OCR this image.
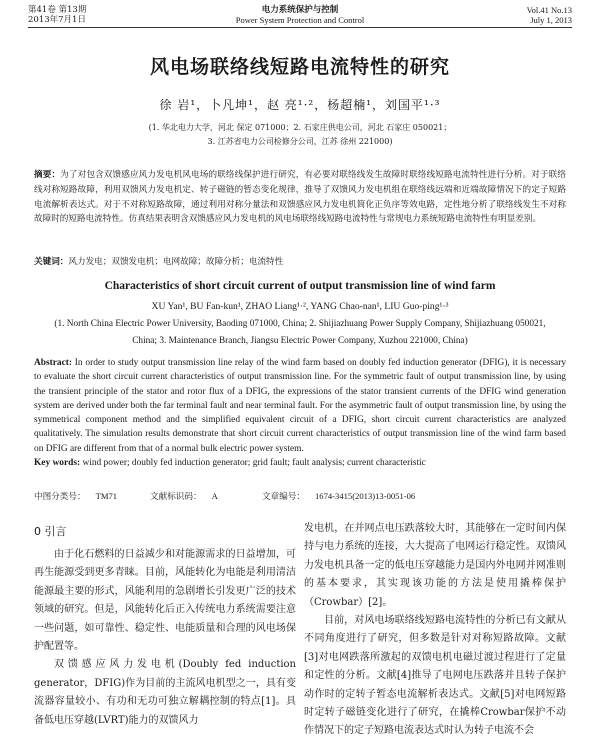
第41卷 第13期
2013年7月1日
电力系统保护与控制
Power System Protection and Control
Vol.41 No.13
July 1, 2013
风电场联络线短路电流特性的研究
徐 岩¹，卜凡坤¹，赵 亮¹·²，杨超楠¹，刘国平¹·³
(1. 华北电力大学，河北 保定 071000；2. 石家庄供电公司，河北 石家庄 050021；
3. 江苏省电力公司检修分公司，江苏 徐州 221000)
摘要：为了对包含双馈感应风力发电机风电场的联络线保护进行研究，有必要对联络线发生故障时联络线短路电流特性进行分析。对于联络线对称短路故障，利用双馈风力发电机定、转子磁链的暂态变化规律，推导了双馈风力发电机组在联络线远端和近端故障情况下的定子短路电流解析表达式。对于不对称短路故障，通过利用对称分量法和双馈感应风力发电机简化正负序等效电路，定性地分析了联络线发生不对称故障时的短路电流特性。仿真结果表明含双馈感应风力发电机的风电场联络线短路电流特性与常规电力系统短路电流特性有明显差别。
关键词：风力发电；双馈发电机；电网故障；故障分析；电流特性
Characteristics of short circuit current of output transmission line of wind farm
XU Yan¹, BU Fan-kun¹, ZHAO Liang¹·², YANG Chao-nan¹, LIU Guo-ping¹·³
(1. North China Electric Power University, Baoding 071000, China; 2. Shijiazhuang Power Supply Company, Shijiazhuang 050021,
China; 3. Maintenance Branch, Jiangsu Electric Power Company, Xuzhou 221000, China)
Abstract: In order to study output transmission line relay of the wind farm based on doubly fed induction generator (DFIG), it is necessary to evaluate the short circuit current characteristics of output transmission line. For the symmetric fault of output transmission line, by using the transient principle of the stator and rotor flux of a DFIG, the expressions of the stator transient currents of the DFIG wind generation system are derived under both the far terminal fault and near terminal fault. For the asymmetric fault of output transmission line, by using the symmetrical component method and the simplified equivalent circuit of a DFIG, short circuit current characteristics are analyzed qualitatively. The simulation results demonstrate that short circuit current characteristics of output transmission line of the wind farm based on DFIG are different from that of a normal bulk electric power system.
Key words: wind power; doubly fed induction generator; grid fault; fault analysis; current characteristic
中图分类号： TM71	文献标识码： A	文章编号： 1674-3415(2013)13-0051-06
0 引言

由于化石燃料的日益减少和对能源需求的日益增加，可再生能源受到更多青睐。目前，风能转化为电能是利用清洁能源最主要的形式，风能利用的急剧增长引发更广泛的技术领域的研究。但是，风能转化后正入传统电力系统需要注意一些问题，如可靠性、稳定性、电能质量和合理的风电场保护配置等。

双馈感应风力发电机(Doubly fed induction generator，DFIG)作为目前的主流风电机型之一，具有变流器容量较小、有功和无功可独立解耦控制的特点[1]。具备低电压穿越(LVRT)能力的双馈风力

发电机，在并网点电压跌落较大时，其能够在一定时间内保持与电力系统的连接，大大提高了电网运行稳定性。双馈风力发电机具备一定的低电压穿越能力是国内外电网并网准则的基本要求，其实现该功能的方法是使用撬棒保护（Crowbar）[2]。

目前，对风电场联络线短路电流特性的分析已有文献从不同角度进行了研究，但多数是针对对称短路故障。文献[3]对电网跌落所激起的双馈电机电磁过渡过程进行了定量和定性的分析。文献[4]推导了电网电压跌落并且转子保护动作时的定转子暂态电流解析表达式。文献[5]对电网短路时定转子磁链变化进行了研究，在撬棒Crowbar保护不动作情况下的定子短路电流表达式时认为转子电流不会
